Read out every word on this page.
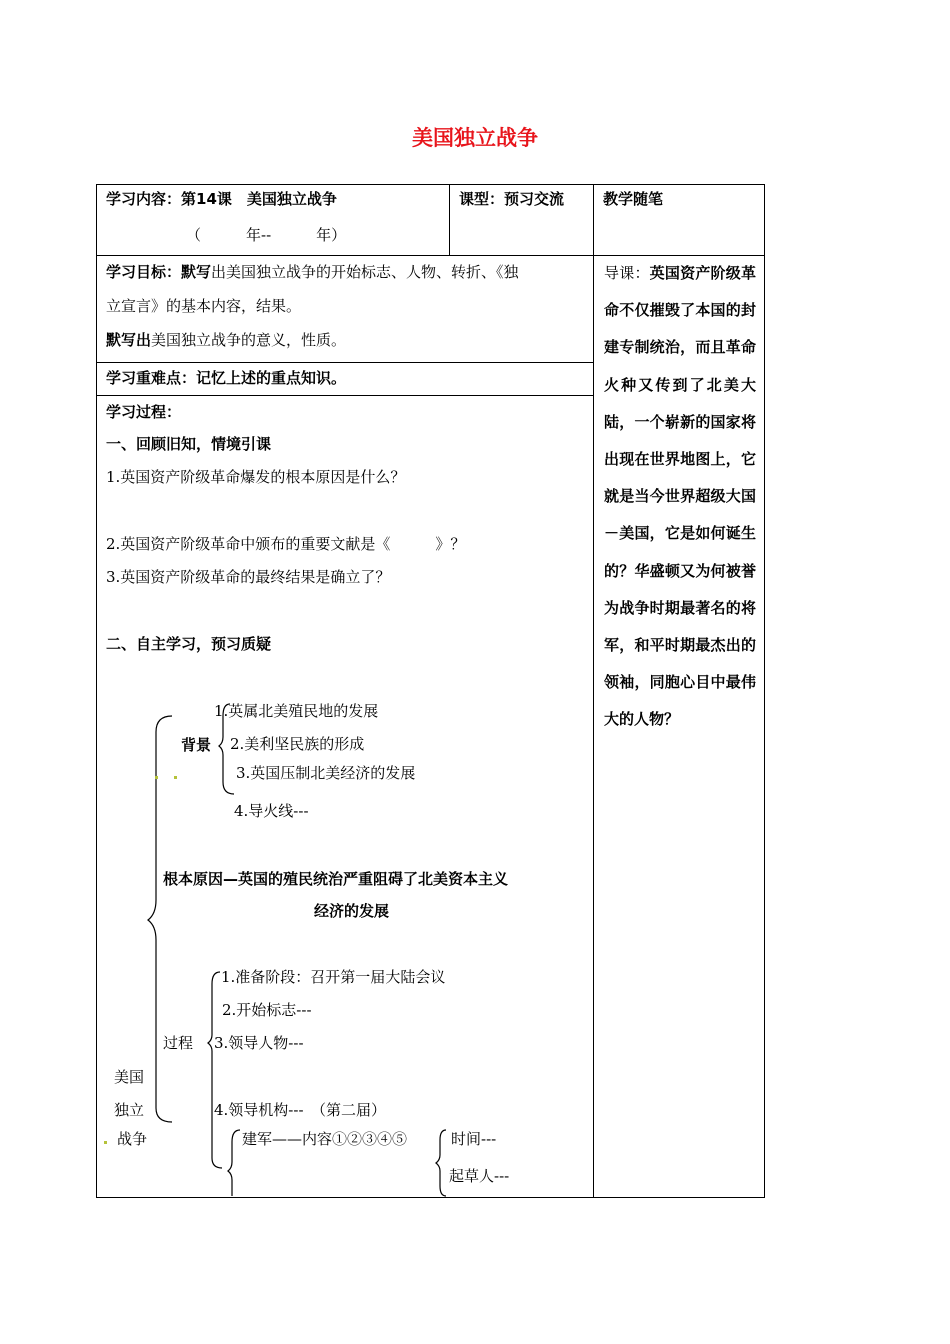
美国独立战争
学习内容：第14课　美国独立战争
（　　　年--　　　年）
课型：预习交流	教学随笔
学习目标：默写出美国独立战争的开始标志、人物、转折、《独
立宣言》的基本内容，结果。
默写出美国独立战争的意义，性质。
学习重难点：记忆上述的重点知识。
学习过程：
一、回顾旧知，情境引课
1.英国资产阶级革命爆发的根本原因是什么？
2.英国资产阶级革命中颁布的重要文献是《　　　》？
3.英国资产阶级革命的最终结果是确立了？
二、自主学习，预习质疑
背景
1.英属北美殖民地的发展
2.美利坚民族的形成
3.英国压制北美经济的发展
4.导火线---
根本原因—英国的殖民统治严重阻碍了北美资本主义
经济的发展
1.准备阶段：召开第一届大陆会议
2.开始标志---
过程 3.领导人物---
4.领导机构---　（第二届）
建军——内容①②③④⑤	时间---
起草人---
美国
独立
战争
导课：英国资产阶级革命不仅摧毁了本国的封建专制统治，而且革命火种又传到了北美大陆，一个崭新的国家将出现在世界地图上，它就是当今世界超级大国－美国，它是如何诞生的？华盛顿又为何被誉为战争时期最著名的将军，和平时期最杰出的领袖，同胞心目中最伟大的人物？
